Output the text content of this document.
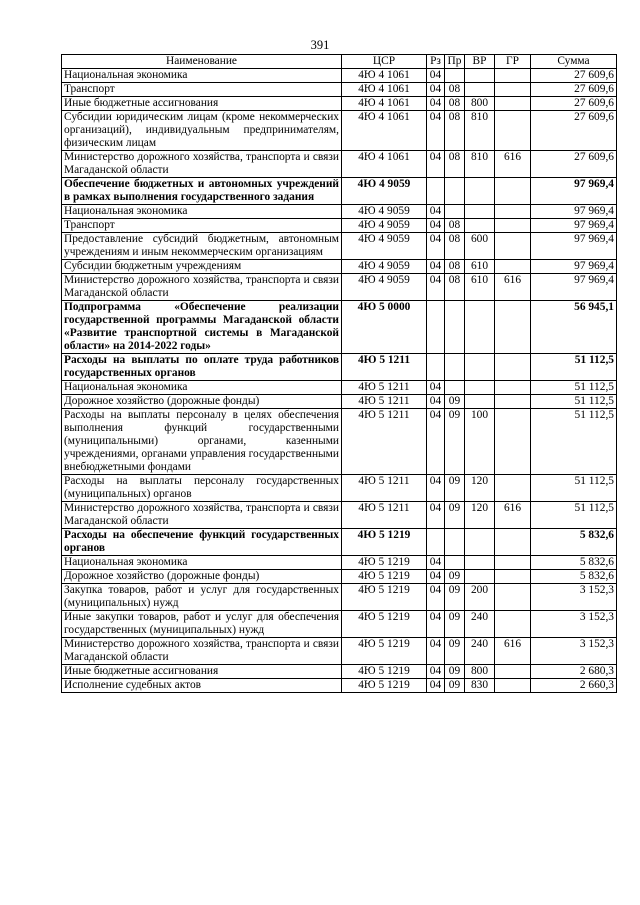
391
Наименование	ЦСР	Рз	Пр	ВР	ГР	Сумма
Национальная экономика	4Ю 4 1061	04				27 609,6
Транспорт	4Ю 4 1061	04	08			27 609,6
Иные бюджетные ассигнования	4Ю 4 1061	04	08	800		27 609,6
Субсидии юридическим лицам (кроме некоммерческих организаций), индивидуальным предпринимателям, физическим лицам	4Ю 4 1061	04	08	810		27 609,6
Министерство дорожного хозяйства, транспорта и связи Магаданской области	4Ю 4 1061	04	08	810	616	27 609,6
Обеспечение бюджетных и автономных учреждений в рамках выполнения государственного задания	4Ю 4 9059					97 969,4
Национальная экономика	4Ю 4 9059	04				97 969,4
Транспорт	4Ю 4 9059	04	08			97 969,4
Предоставление субсидий бюджетным, автономным учреждениям и иным некоммерческим организациям	4Ю 4 9059	04	08	600		97 969,4
Субсидии бюджетным учреждениям	4Ю 4 9059	04	08	610		97 969,4
Министерство дорожного хозяйства, транспорта и связи Магаданской области	4Ю 4 9059	04	08	610	616	97 969,4
Подпрограмма «Обеспечение реализации государственной программы Магаданской области «Развитие транспортной системы в Магаданской области» на 2014-2022 годы»	4Ю 5 0000					56 945,1
Расходы на выплаты по оплате труда работников государственных органов	4Ю 5 1211					51 112,5
Национальная экономика	4Ю 5 1211	04				51 112,5
Дорожное хозяйство (дорожные фонды)	4Ю 5 1211	04	09			51 112,5
Расходы на выплаты персоналу в целях обеспечения выполнения функций государственными (муниципальными) органами, казенными учреждениями, органами управления государственными внебюджетными фондами	4Ю 5 1211	04	09	100		51 112,5
Расходы на выплаты персоналу государственных (муниципальных) органов	4Ю 5 1211	04	09	120		51 112,5
Министерство дорожного хозяйства, транспорта и связи Магаданской области	4Ю 5 1211	04	09	120	616	51 112,5
Расходы на обеспечение функций государственных органов	4Ю 5 1219					5 832,6
Национальная экономика	4Ю 5 1219	04				5 832,6
Дорожное хозяйство (дорожные фонды)	4Ю 5 1219	04	09			5 832,6
Закупка товаров, работ и услуг для государственных (муниципальных) нужд	4Ю 5 1219	04	09	200		3 152,3
Иные закупки товаров, работ и услуг для обеспечения государственных (муниципальных) нужд	4Ю 5 1219	04	09	240		3 152,3
Министерство дорожного хозяйства, транспорта и связи Магаданской области	4Ю 5 1219	04	09	240	616	3 152,3
Иные бюджетные ассигнования	4Ю 5 1219	04	09	800		2 680,3
Исполнение судебных актов	4Ю 5 1219	04	09	830		2 660,3
